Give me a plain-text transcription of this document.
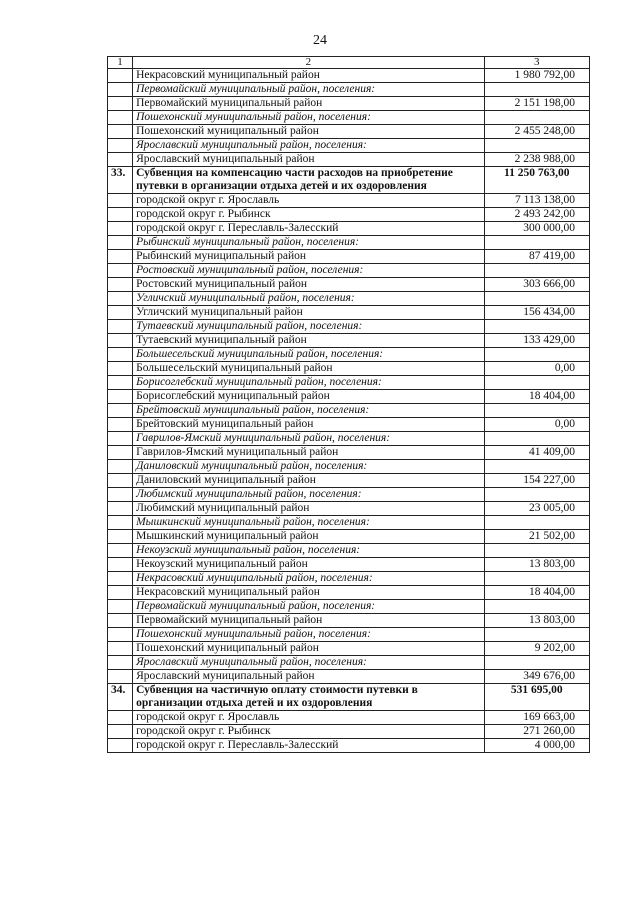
24
1	2	3
	Некрасовский муниципальный район	1 980 792,00
	Первомайский муниципальный район, поселения:	
	Первомайский муниципальный район	2 151 198,00
	Пошехонский муниципальный район, поселения:	
	Пошехонский муниципальный район	2 455 248,00
	Ярославский муниципальный район, поселения:	
	Ярославский муниципальный район	2 238 988,00
33.	Субвенция на компенсацию части расходов на приобретение путевки в организации отдыха детей и их оздоровления	11 250 763,00
	городской округ г. Ярославль	7 113 138,00
	городской округ г. Рыбинск	2 493 242,00
	городской округ г. Переславль-Залесский	300 000,00
	Рыбинский муниципальный район, поселения:	
	Рыбинский муниципальный район	87 419,00
	Ростовский муниципальный район, поселения:	
	Ростовский муниципальный район	303 666,00
	Угличский муниципальный район, поселения:	
	Угличский муниципальный район	156 434,00
	Тутаевский муниципальный район, поселения:	
	Тутаевский муниципальный район	133 429,00
	Большесельский муниципальный район, поселения:	
	Большесельский муниципальный район	0,00
	Борисоглебский муниципальный район, поселения:	
	Борисоглебский муниципальный район	18 404,00
	Брейтовский муниципальный район, поселения:	
	Брейтовский муниципальный район	0,00
	Гаврилов-Ямский муниципальный район, поселения:	
	Гаврилов-Ямский муниципальный район	41 409,00
	Даниловский муниципальный район, поселения:	
	Даниловский муниципальный район	154 227,00
	Любимский муниципальный район, поселения:	
	Любимский муниципальный район	23 005,00
	Мышкинский муниципальный район, поселения:	
	Мышкинский муниципальный район	21 502,00
	Некоузский муниципальный район, поселения:	
	Некоузский муниципальный район	13 803,00
	Некрасовский муниципальный район, поселения:	
	Некрасовский муниципальный район	18 404,00
	Первомайский муниципальный район, поселения:	
	Первомайский муниципальный район	13 803,00
	Пошехонский муниципальный район, поселения:	
	Пошехонский муниципальный район	9 202,00
	Ярославский муниципальный район, поселения:	
	Ярославский муниципальный район	349 676,00
34.	Субвенция на частичную оплату стоимости путевки в организации отдыха детей и их оздоровления	531 695,00
	городской округ г. Ярославль	169 663,00
	городской округ г. Рыбинск	271 260,00
	городской округ г. Переславль-Залесский	4 000,00
